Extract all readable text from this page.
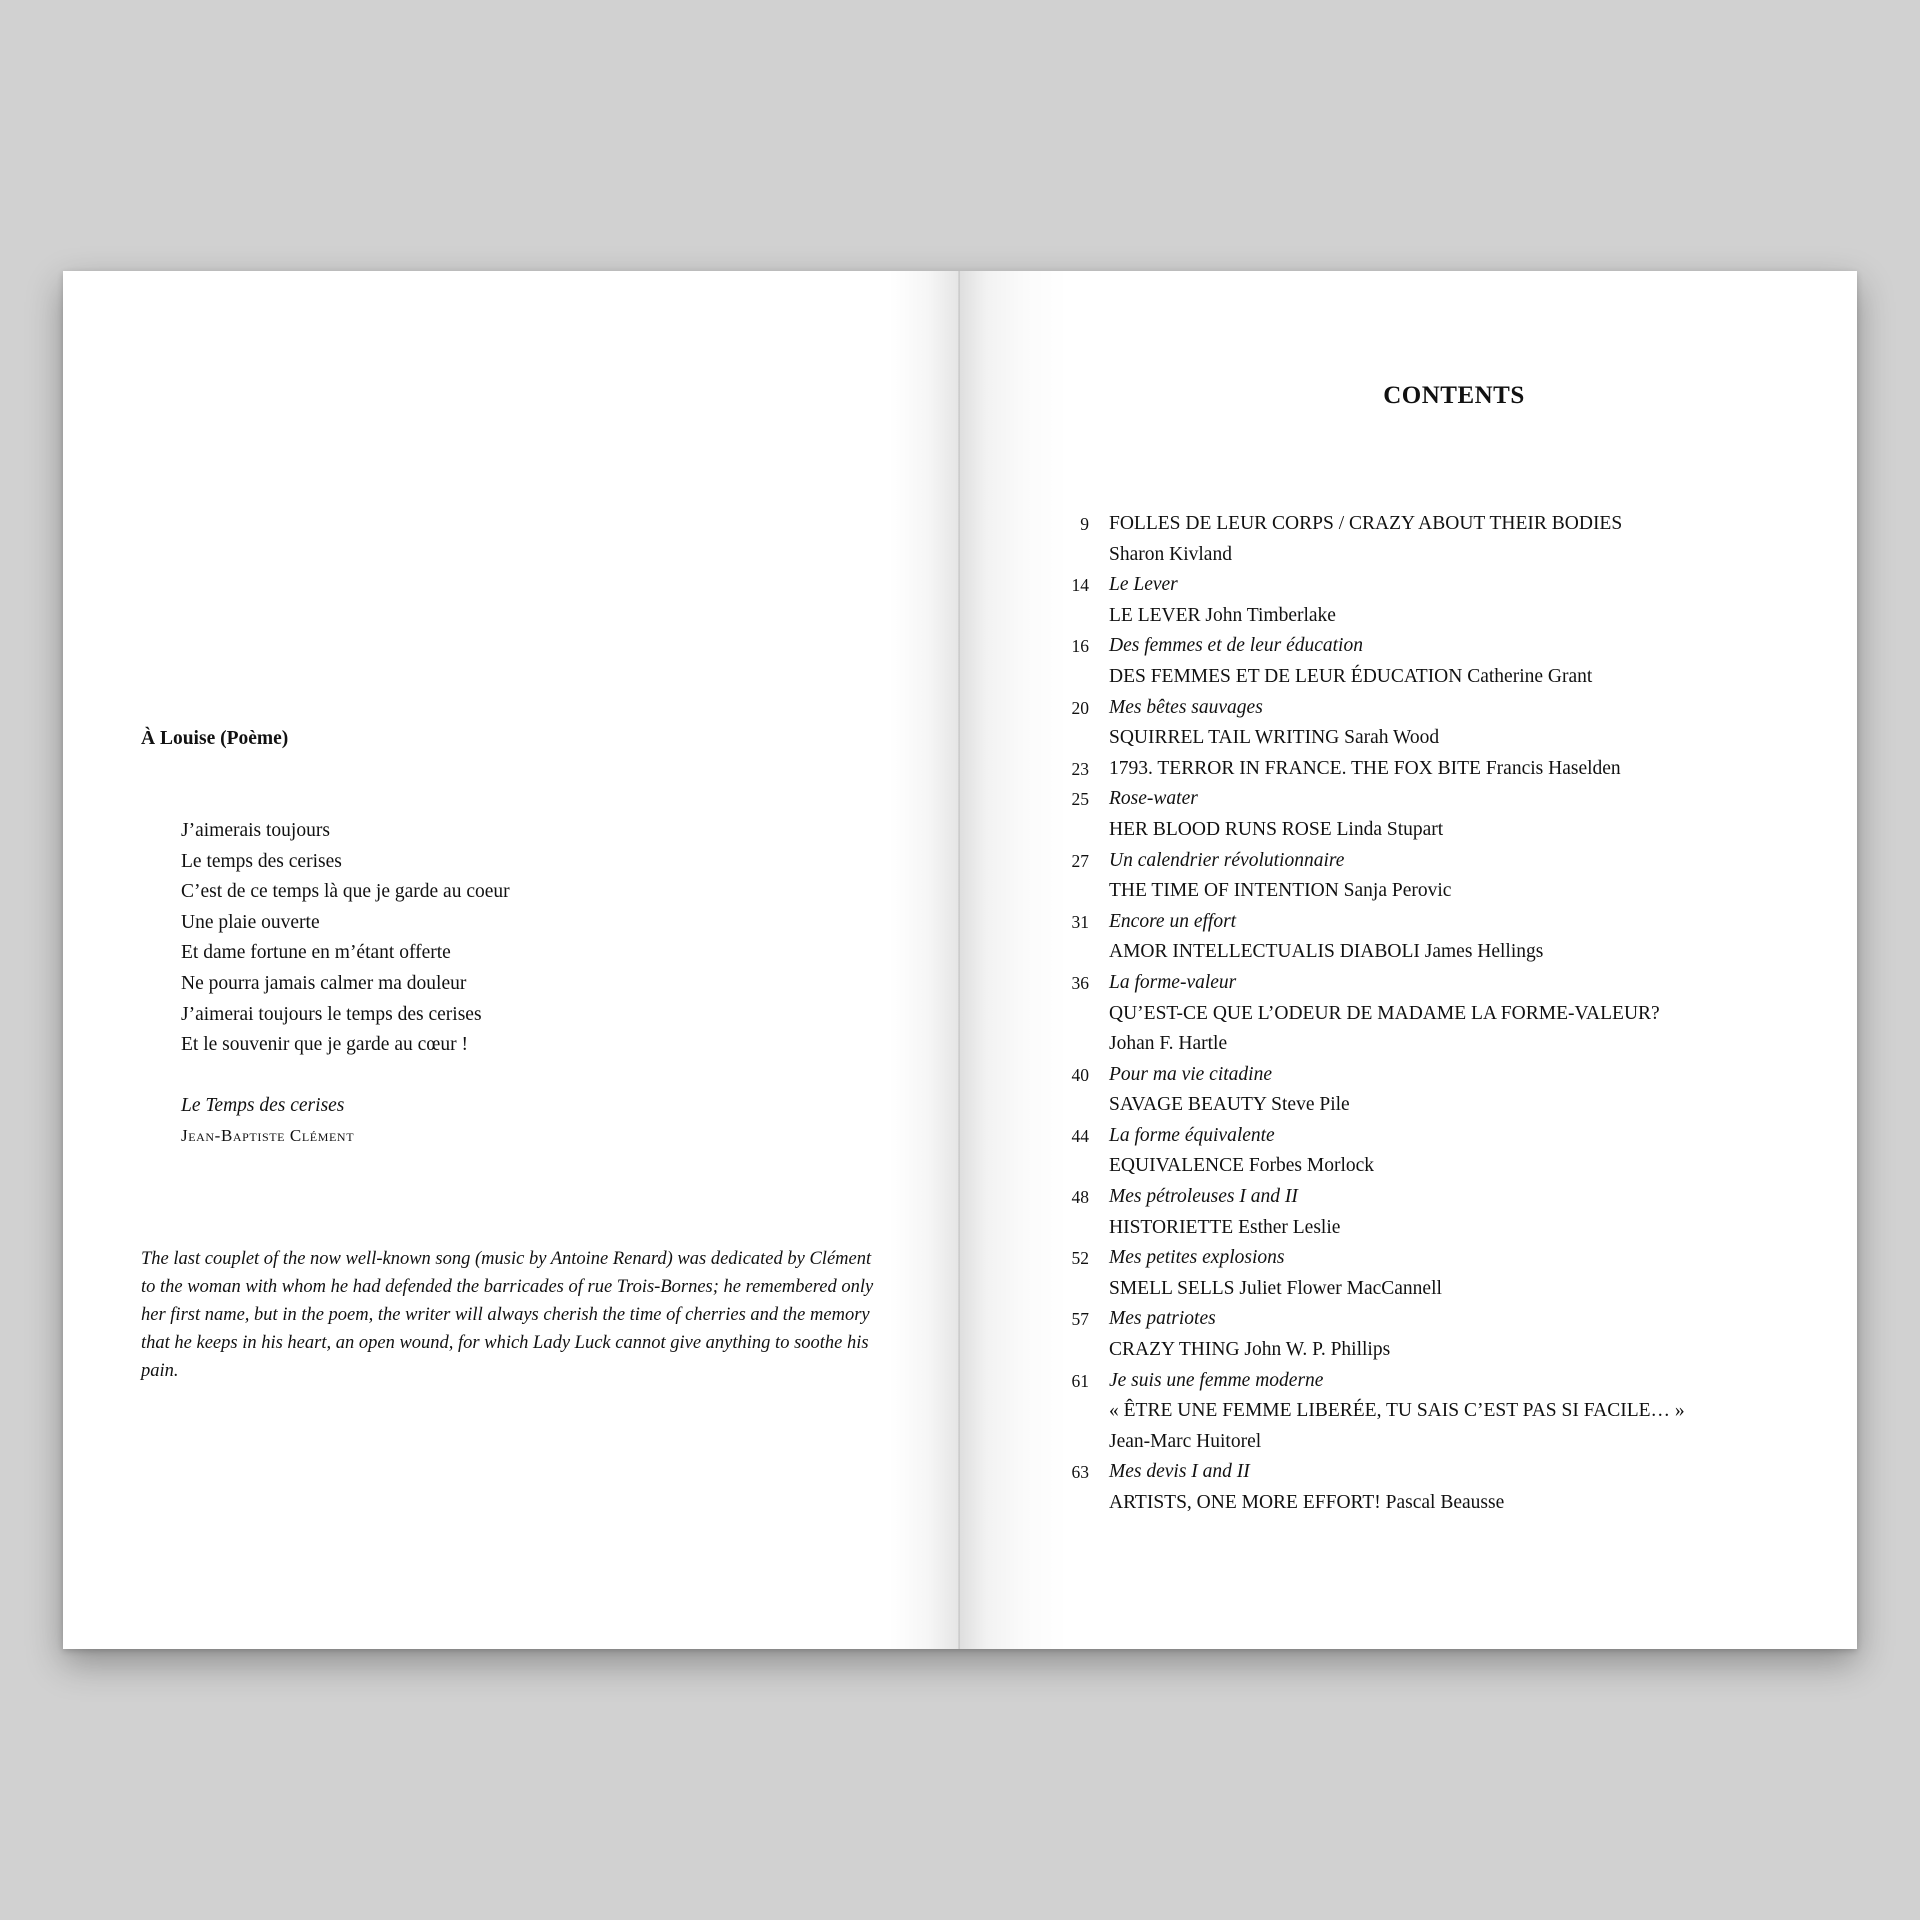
À Louise (Poème)
J’aimerais toujours
Le temps des cerises
C’est de ce temps là que je garde au coeur
Une plaie ouverte
Et dame fortune en m’étant offerte
Ne pourra jamais calmer ma douleur
J’aimerai toujours le temps des cerises
Et le souvenir que je garde au cœur !
Le Temps des cerises
Jean-Baptiste Clément

The last couplet of the now well-known song (music by Antoine Renard) was dedicated by Clément to the woman with whom he had defended the barricades of rue Trois-Bornes; he remembered only her first name, but in the poem, the writer will always cherish the time of cherries and the memory that he keeps in his heart, an open wound, for which Lady Luck cannot give anything to soothe his pain.

CONTENTS
9 FOLLES DE LEUR CORPS / CRAZY ABOUT THEIR BODIES
Sharon Kivland
14 Le Lever
LE LEVER John Timberlake
16 Des femmes et de leur éducation
DES FEMMES ET DE LEUR ÉDUCATION Catherine Grant
20 Mes bêtes sauvages
SQUIRREL TAIL WRITING Sarah Wood
23 1793. TERROR IN FRANCE. THE FOX BITE Francis Haselden
25 Rose-water
HER BLOOD RUNS ROSE Linda Stupart
27 Un calendrier révolutionnaire
THE TIME OF INTENTION Sanja Perovic
31 Encore un effort
AMOR INTELLECTUALIS DIABOLI James Hellings
36 La forme-valeur
QU’EST-CE QUE L’ODEUR DE MADAME LA FORME-VALEUR?
Johan F. Hartle
40 Pour ma vie citadine
SAVAGE BEAUTY Steve Pile
44 La forme équivalente
EQUIVALENCE Forbes Morlock
48 Mes pétroleuses I and II
HISTORIETTE Esther Leslie
52 Mes petites explosions
SMELL SELLS Juliet Flower MacCannell
57 Mes patriotes
CRAZY THING John W. P. Phillips
61 Je suis une femme moderne
« ÊTRE UNE FEMME LIBERÉE, TU SAIS C’EST PAS SI FACILE… »
Jean-Marc Huitorel
63 Mes devis I and II
ARTISTS, ONE MORE EFFORT! Pascal Beausse
